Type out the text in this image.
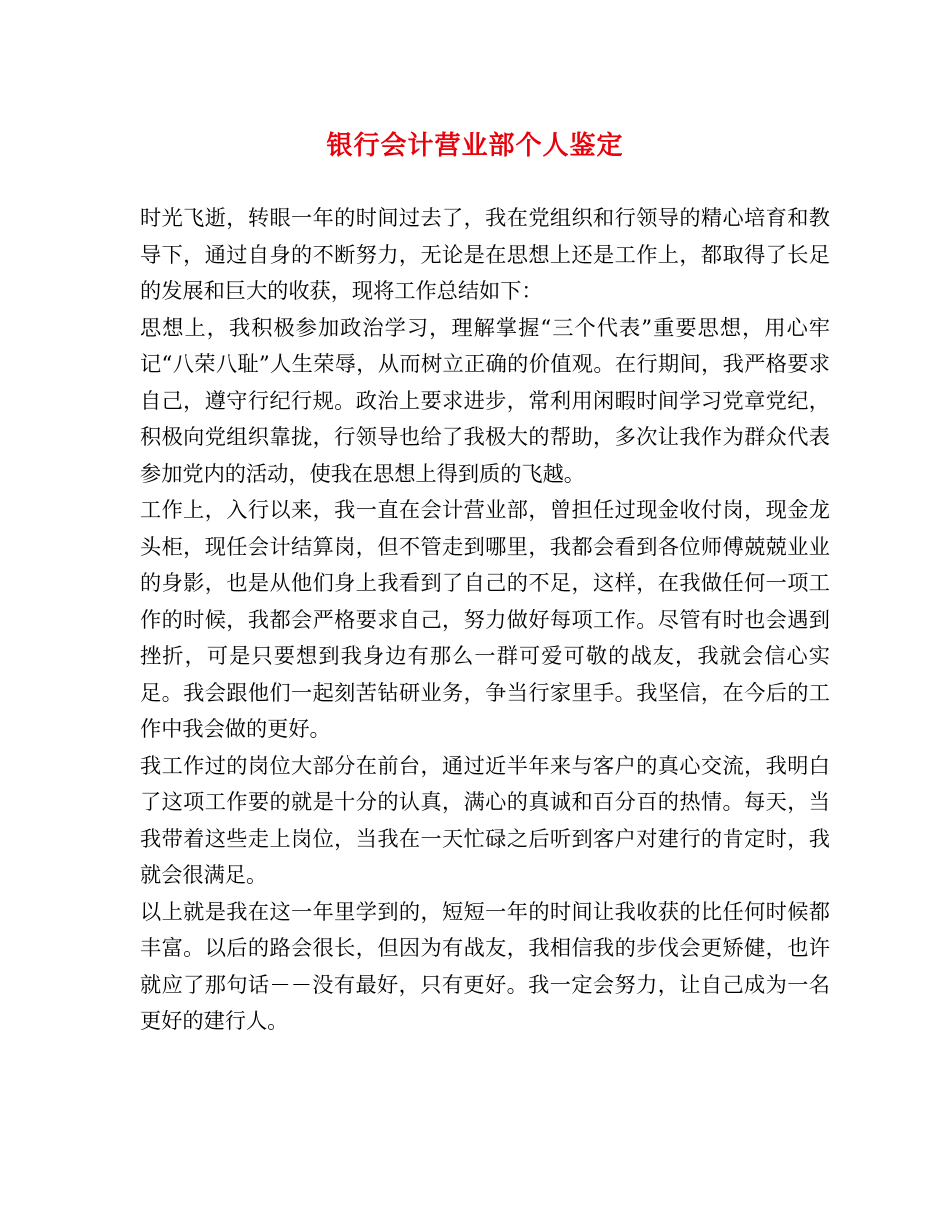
银行会计营业部个人鉴定

时光飞逝，转眼一年的时间过去了，我在党组织和行领导的精心培育和教导下，通过自身的不断努力，无论是在思想上还是工作上，都取得了长足的发展和巨大的收获，现将工作总结如下：

思想上，我积极参加政治学习，理解掌握“三个代表”重要思想，用心牢记“八荣八耻”人生荣辱，从而树立正确的价值观。在行期间，我严格要求自己，遵守行纪行规。政治上要求进步，常利用闲暇时间学习党章党纪，积极向党组织靠拢，行领导也给了我极大的帮助，多次让我作为群众代表参加党内的活动，使我在思想上得到质的飞越。

工作上，入行以来，我一直在会计营业部，曾担任过现金收付岗，现金龙头柜，现任会计结算岗，但不管走到哪里，我都会看到各位师傅兢兢业业的身影，也是从他们身上我看到了自己的不足，这样，在我做任何一项工作的时候，我都会严格要求自己，努力做好每项工作。尽管有时也会遇到挫折，可是只要想到我身边有那么一群可爱可敬的战友，我就会信心实足。我会跟他们一起刻苦钻研业务，争当行家里手。我坚信，在今后的工作中我会做的更好。

我工作过的岗位大部分在前台，通过近半年来与客户的真心交流，我明白了这项工作要的就是十分的认真，满心的真诚和百分百的热情。每天，当我带着这些走上岗位，当我在一天忙碌之后听到客户对建行的肯定时，我就会很满足。

以上就是我在这一年里学到的，短短一年的时间让我收获的比任何时候都丰富。以后的路会很长，但因为有战友，我相信我的步伐会更矫健，也许就应了那句话－－没有最好，只有更好。我一定会努力，让自己成为一名更好的建行人。
